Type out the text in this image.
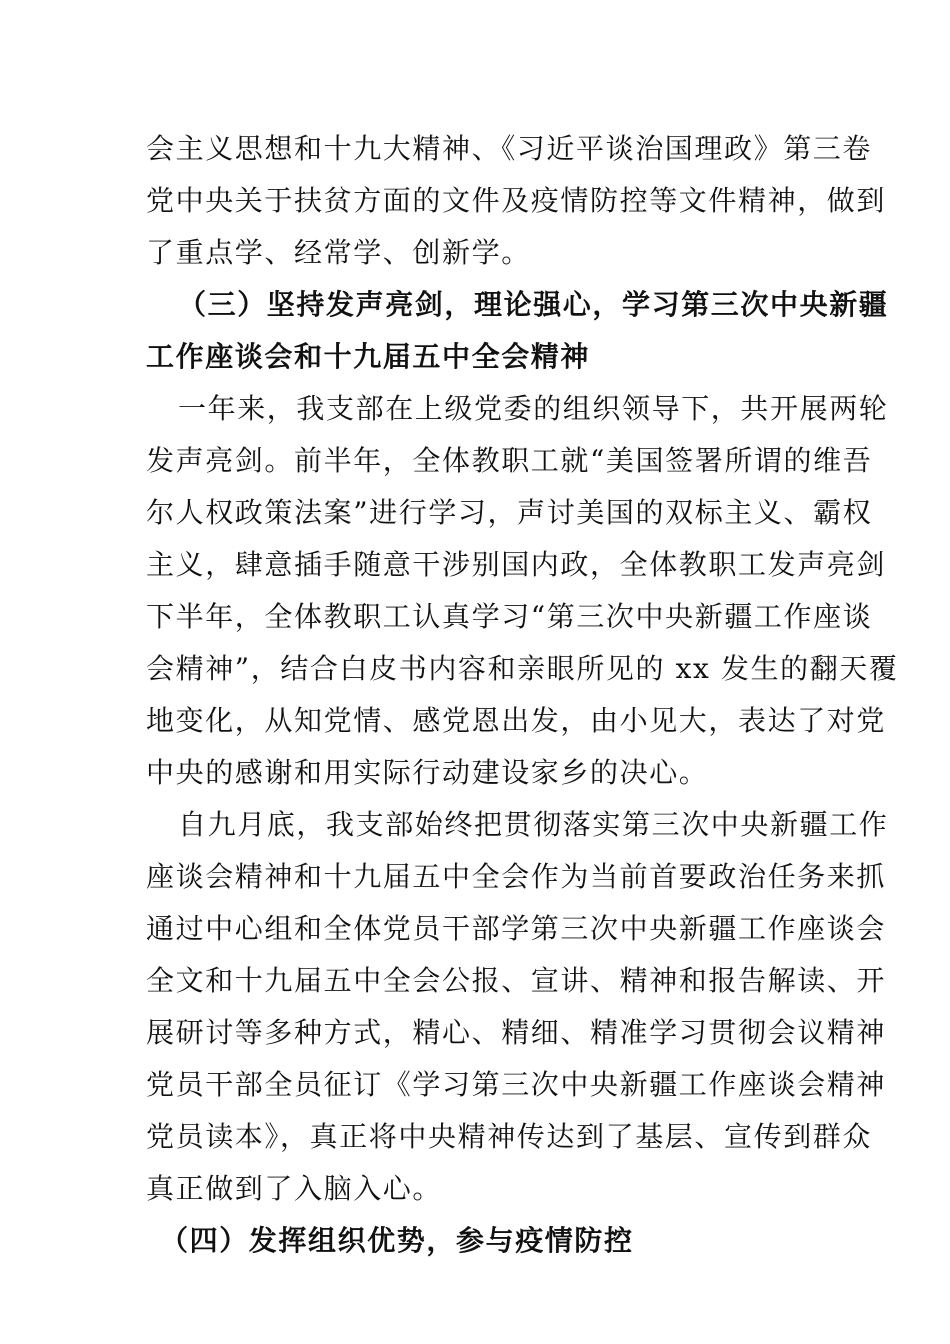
会主义思想和十九大精神、《习近平谈治国理政》第三卷
党中央关于扶贫方面的文件及疫情防控等文件精神，做到
了重点学、经常学、创新学。
（三）坚持发声亮剑，理论强心，学习第三次中央新疆
工作座谈会和十九届五中全会精神
一年来，我支部在上级党委的组织领导下，共开展两轮
发声亮剑。前半年，全体教职工就“美国签署所谓的维吾
尔人权政策法案”进行学习，声讨美国的双标主义、霸权
主义，肆意插手随意干涉别国内政，全体教职工发声亮剑
下半年，全体教职工认真学习“第三次中央新疆工作座谈
会精神”，结合白皮书内容和亲眼所见的 xx 发生的翻天覆
地变化，从知党情、感党恩出发，由小见大，表达了对党
中央的感谢和用实际行动建设家乡的决心。
自九月底，我支部始终把贯彻落实第三次中央新疆工作
座谈会精神和十九届五中全会作为当前首要政治任务来抓
通过中心组和全体党员干部学第三次中央新疆工作座谈会
全文和十九届五中全会公报、宣讲、精神和报告解读、开
展研讨等多种方式，精心、精细、精准学习贯彻会议精神
党员干部全员征订《学习第三次中央新疆工作座谈会精神
党员读本》，真正将中央精神传达到了基层、宣传到群众
真正做到了入脑入心。
（四）发挥组织优势，参与疫情防控
